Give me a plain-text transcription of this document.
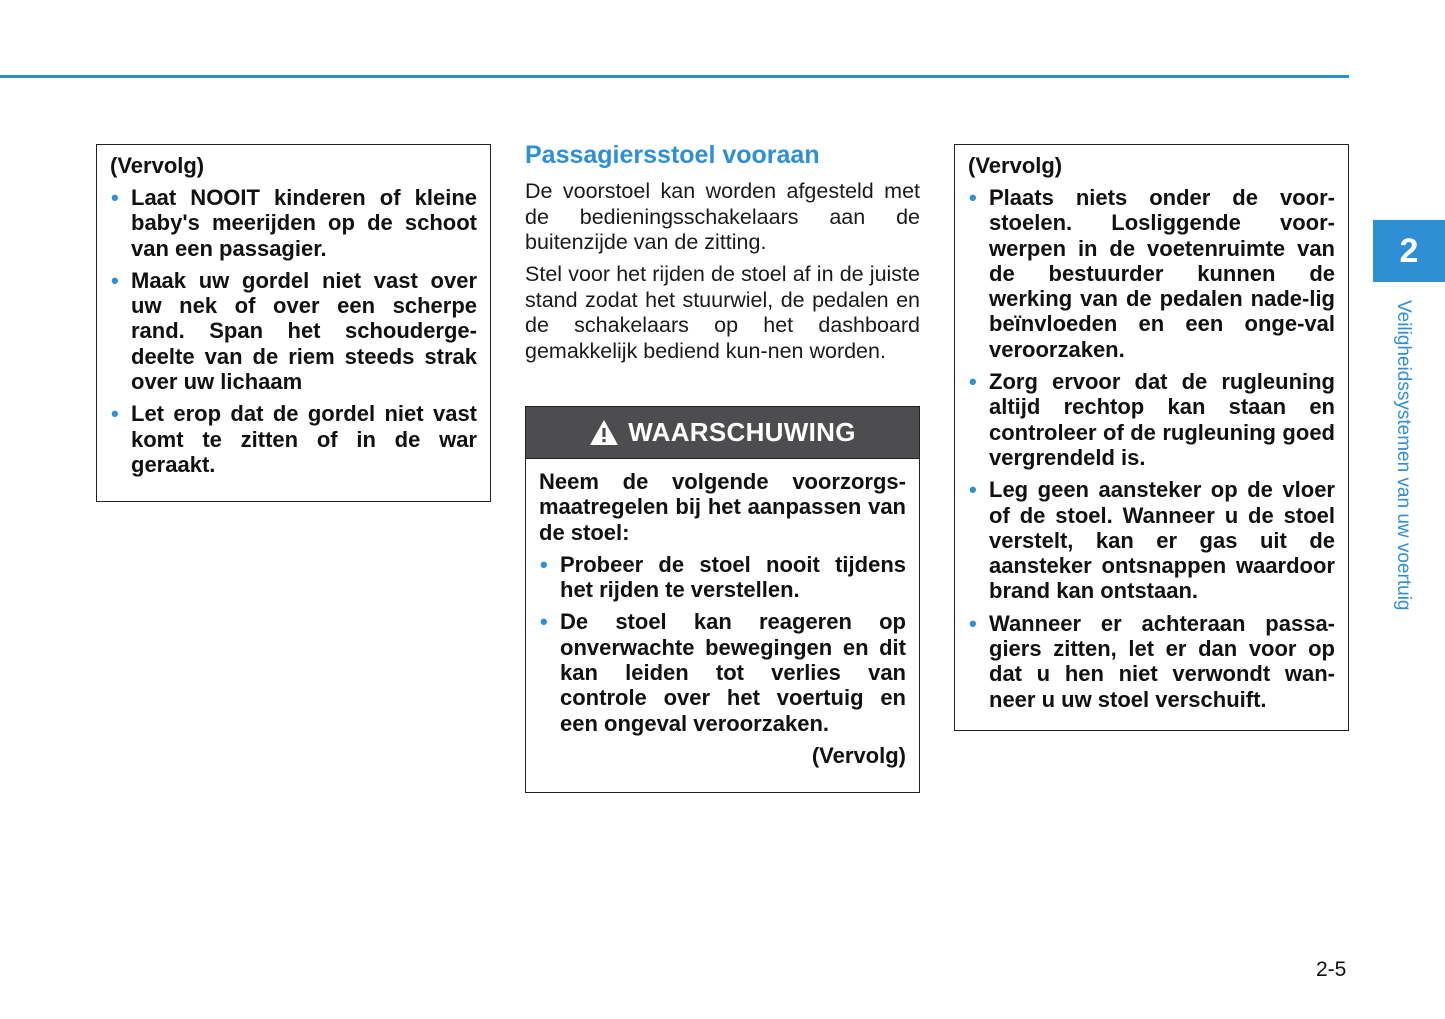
2
Veiligheidssystemen van uw voertuig
(Vervolg)
• Laat NOOIT kinderen of kleine baby's meerijden op de schoot van een passagier.
• Maak uw gordel niet vast over uw nek of over een scherpe rand. Span het schouderge-deelte van de riem steeds strak over uw lichaam
• Let erop dat de gordel niet vast komt te zitten of in de war geraakt.
Passagiersstoel vooraan
De voorstoel kan worden afgesteld met de bedieningsschakelaars aan de buitenzijde van de zitting.
Stel voor het rijden de stoel af in de juiste stand zodat het stuurwiel, de pedalen en de schakelaars op het dashboard gemakkelijk bediend kun-nen worden.
WAARSCHUWING
Neem de volgende voorzorgs-maatregelen bij het aanpassen van de stoel:
• Probeer de stoel nooit tijdens het rijden te verstellen.
• De stoel kan reageren op onverwachte bewegingen en dit kan leiden tot verlies van controle over het voertuig en een ongeval veroorzaken.
(Vervolg)
(Vervolg)
• Plaats niets onder de voor-stoelen. Losliggende voor-werpen in de voetenruimte van de bestuurder kunnen de werking van de pedalen nade-lig beïnvloeden en een onge-val veroorzaken.
• Zorg ervoor dat de rugleuning altijd rechtop kan staan en controleer of de rugleuning goed vergrendeld is.
• Leg geen aansteker op de vloer of de stoel. Wanneer u de stoel verstelt, kan er gas uit de aansteker ontsnappen waardoor brand kan ontstaan.
• Wanneer er achteraan passa-giers zitten, let er dan voor op dat u hen niet verwondt wan-neer u uw stoel verschuift.
2-5
